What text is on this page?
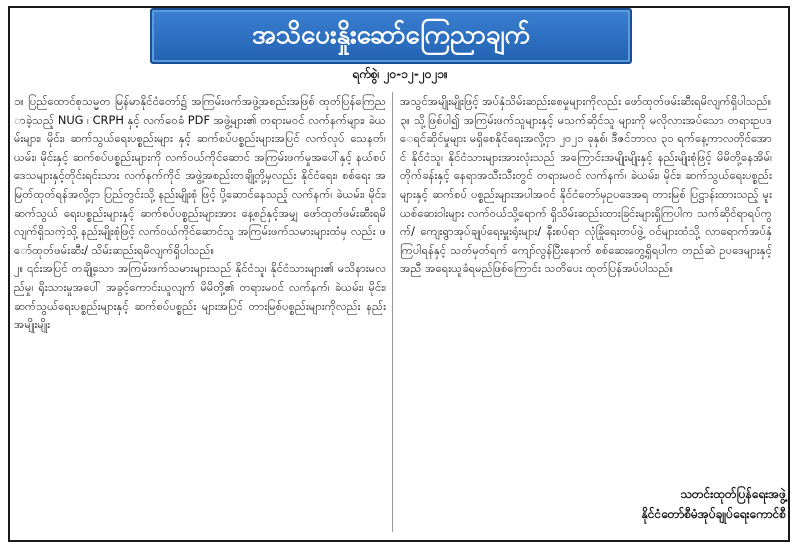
အသိပေးနှိုးဆော်ကြေညာချက်
ရက်စွဲ၊ ၂၀-၁၂-၂၀၂၁။

၁။ ပြည်ထောင်စုသမ္မတ မြန်မာနိုင်ငံတော်၌ အကြမ်းဖက်အဖွဲ့အစည်းအဖြစ် ထုတ်ပြန်ကြေညာခဲ့သည့် NUG ၊ CRPH နှင့် လက်ဝေခံ PDF အဖွဲ့များ၏ တရားမဝင် လက်နက်များ၊ ခဲယမ်းများ၊ မိုင်း၊ ဆက်သွယ်ရေးပစ္စည်းများ နှင့် ဆက်စပ်ပစ္စည်းများအပြင် လက်လုပ် သေနတ်၊ ယမ်း၊ မိုင်းနှင့် ဆက်စပ်ပစ္စည်းများကို လက်ဝယ်ကိုင်ဆောင် အကြမ်းဖက်မှုအပေါ်နှင့် နယ်စပ်ဒေသများနှင့်တိုင်းရင်းသား လက်နက်ကိုင် အဖွဲ့အစည်းတချို့တို့မှလည်း နိုင်ငံရေး၊ စစ်ရေး အမြတ်ထုတ်ရန်အလို့ငှာ ပြည်တွင်းသို့ နည်းမျိုးစုံ ဖြင့် ပို့ဆောင်နေသည့် လက်နက်၊ ခဲယမ်း၊ မိုင်း၊ ဆက်သွယ် ရေးပစ္စည်းများနှင့် ဆက်စပ်ပစ္စည်းများအား နေ့စဉ်နှင့်အမျှ ဖော်ထုတ်ဖမ်းဆီးရမိလျက်ရှိသကဲ့သို့ နည်းမျိုးစုံဖြင့် လက်ဝယ်ကိုင်ဆောင်သူ အကြမ်းဖက်သမားများထံမှ လည်း ဖော်ထုတ်ဖမ်းဆီး/ သိမ်းဆည်းရမိလျက်ရှိပါသည်။

၂။ ၎င်းအပြင် တချို့သော အကြမ်းဖက်သမားများသည် နိုင်ငံသူ၊ နိုင်ငံသားများ၏ မသိနားမလည်မှု၊ ရိုးသားမှုအပေါ် အခွင့်ကောင်းယူလျက် မိမိတို့၏ တရားမဝင် လက်နက်၊ ခဲယမ်း၊ မိုင်း၊ ဆက်သွယ်ရေးပစ္စည်းများနှင့် ဆက်စပ်ပစ္စည်း များအပြင် တားမြစ်ပစ္စည်းများကိုလည်း နည်းအမျိုးမျိုး

အသွင်အမျိုးမျိုးဖြင့် အပ်နှံသိမ်းဆည်းစေမှုများကိုလည်း ဖော်ထုတ်ဖမ်းဆီးရမိလျက်ရှိပါသည်။

၃။ သို့ဖြစ်ပါ၍ အကြမ်းဖက်သူများနှင့် မသက်ဆိုင်သူ များကို မလိုလားအပ်သော တရားဥပဒေရင်ဆိုင်မှုများ မရှိစေနိုင်ရေးအလို့ငှာ ၂၀၂၁ ခုနှစ်၊ ဒီဇင်ဘာလ ၃၁ ရက်နေ့ကာလတိုင်အောင် နိုင်ငံသူ၊ နိုင်ငံသားများအားလုံးသည် အကြောင်းအမျိုးမျိုးနှင့် နည်းမျိုးစုံဖြင့် မိမိတို့နေအိမ်၊ တိုက်ခန်းနှင့် နေရာအသီးသီးတွင် တရားမဝင် လက်နက်၊ ခဲယမ်း၊ မိုင်း၊ ဆက်သွယ်ရေးပစ္စည်းများနှင့် ဆက်စပ် ပစ္စည်းများအပါအဝင် နိုင်ငံတော်မှဥပဒေအရ တားမြစ် ပြဋ္ဌာန်းထားသည့် မူးယစ်ဆေးဝါးများ လက်ဝယ်သို့ရောက် ရှိသိမ်းဆည်းထားခြင်းများရှိကြပါက သက်ဆိုင်ရာရပ်ကွက်/ ကျေးရွာအုပ်ချုပ်ရေးမှူးရုံးများ/ နီးစပ်ရာ လုံခြုံရေးတပ်ဖွဲ့ ဝင်များထံသို့ လာရောက်အပ်နှံကြပါရန်နှင့် သတ်မှတ်ရက် ကျော်လွန်ပြီးနောက် စစ်ဆေးတွေ့ရှိရပါက တည်ဆဲ ဥပဒေများနှင့်အညီ အရေးယူခံရမည်ဖြစ်ကြောင်း သတိပေး ထုတ်ပြန်အပ်ပါသည်။

သတင်းထုတ်ပြန်ရေးအဖွဲ့
နိုင်ငံတော်စီမံအုပ်ချုပ်ရေးကောင်စီ
